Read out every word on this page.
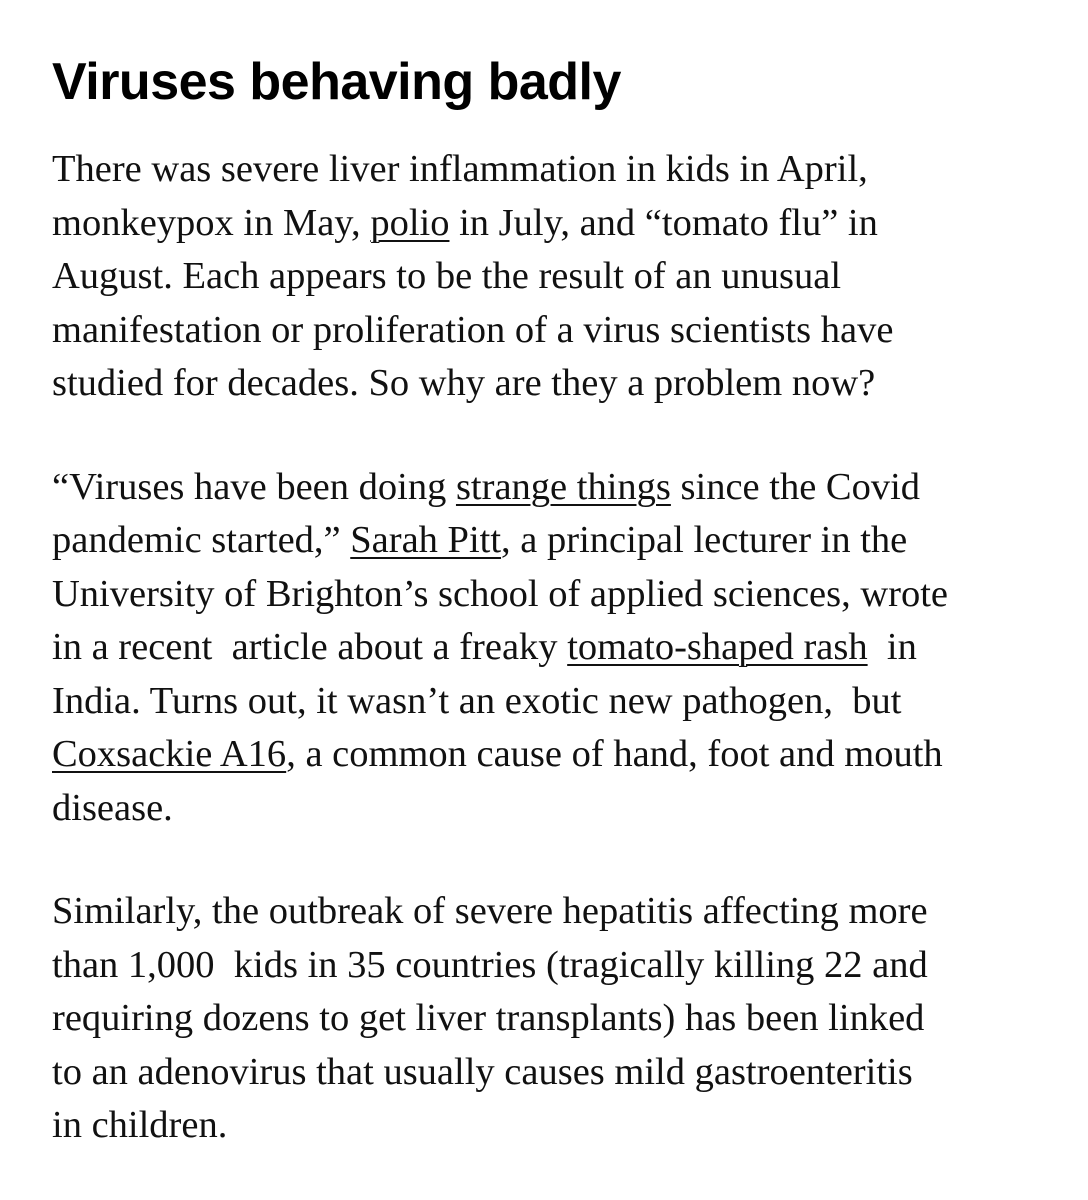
Viruses behaving badly

There was severe liver inflammation in kids in April,
monkeypox in May, polio in July, and “tomato flu” in
August. Each appears to be the result of an unusual
manifestation or proliferation of a virus scientists have
studied for decades. So why are they a problem now?

“Viruses have been doing strange things since the Covid
pandemic started,” Sarah Pitt, a principal lecturer in the
University of Brighton’s school of applied sciences, wrote
in a recent  article about a freaky tomato-shaped rash  in
India. Turns out, it wasn’t an exotic new pathogen,  but
Coxsackie A16, a common cause of hand, foot and mouth
disease.

Similarly, the outbreak of severe hepatitis affecting more
than 1,000  kids in 35 countries (tragically killing 22 and
requiring dozens to get liver transplants) has been linked
to an adenovirus that usually causes mild gastroenteritis
in children.
